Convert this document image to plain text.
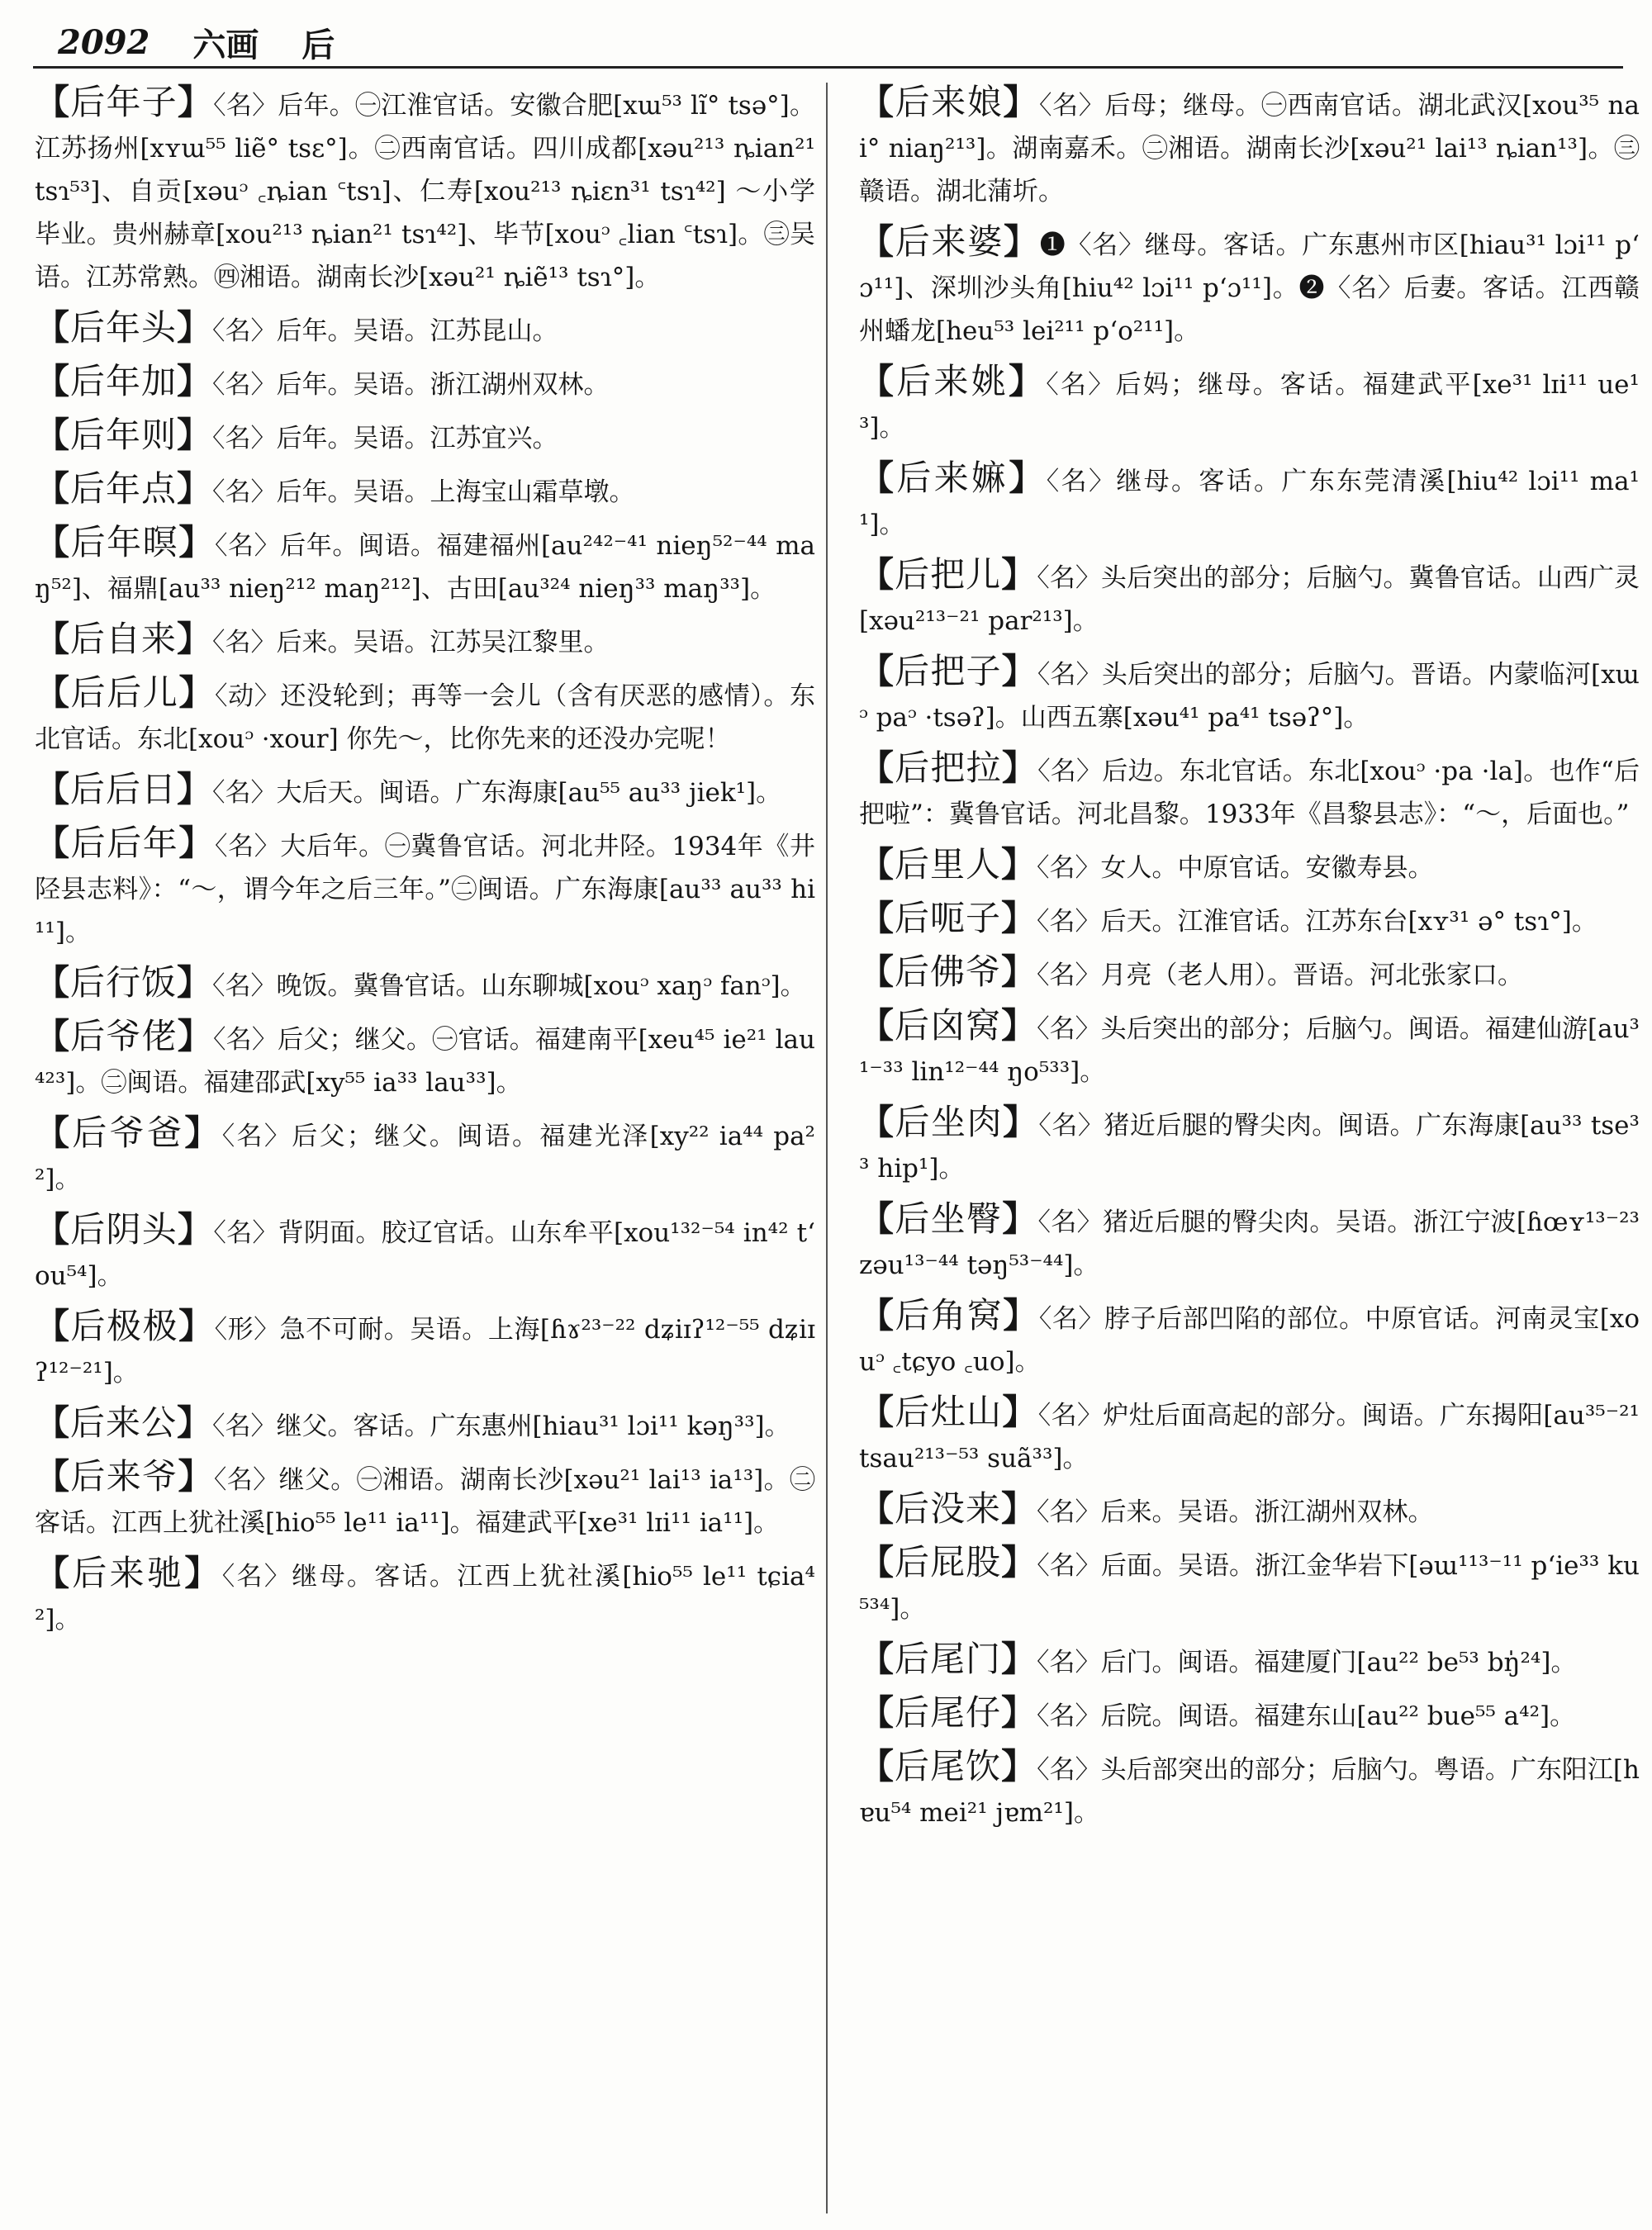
2092 六画 后
【后年子】〈名〉后年。㊀江淮官话。安徽合肥[xɯ⁵³ lĩ° tsə°]。江苏扬州[xʏɯ⁵⁵ liẽ° tsɛ°]。㊁西南官话。四川成都[xəu²¹³ ȵian²¹ tsɿ⁵³]、自贡[xəuᵓ ꜀ȵian ꜂tsɿ]、仁寿[xou²¹³ ȵiɛn³¹ tsɿ⁴²] ～小学毕业。贵州赫章[xou²¹³ ȵian²¹ tsɿ⁴²]、毕节[xouᵓ ꜀lian ꜂tsɿ]。㊂吴语。江苏常熟。㊃湘语。湖南长沙[xəu²¹ ȵiẽ¹³ tsɿ°]。
【后年头】〈名〉后年。吴语。江苏昆山。
【后年加】〈名〉后年。吴语。浙江湖州双林。
【后年则】〈名〉后年。吴语。江苏宜兴。
【后年点】〈名〉后年。吴语。上海宝山霜草墩。
【后年暝】〈名〉后年。闽语。福建福州[au²⁴²⁻⁴¹ nieŋ⁵²⁻⁴⁴ maŋ⁵²]、福鼎[au³³ nieŋ²¹² maŋ²¹²]、古田[au³²⁴ nieŋ³³ maŋ³³]。
【后自来】〈名〉后来。吴语。江苏吴江黎里。
【后后儿】〈动〉还没轮到；再等一会儿（含有厌恶的感情）。东北官话。东北[xouᵓ ·xour] 你先～，比你先来的还没办完呢！
【后后日】〈名〉大后天。闽语。广东海康[au⁵⁵ au³³ jiek¹]。
【后后年】〈名〉大后年。㊀冀鲁官话。河北井陉。1934年《井陉县志料》：“～，谓今年之后三年。”㊁闽语。广东海康[au³³ au³³ hi¹¹]。
【后行饭】〈名〉晚饭。冀鲁官话。山东聊城[xouᵓ xaŋᵓ fanᵓ]。
【后爷佬】〈名〉后父；继父。㊀官话。福建南平[xeu⁴⁵ ie²¹ lau⁴²³]。㊁闽语。福建邵武[xy⁵⁵ ia³³ lau³³]。
【后爷爸】〈名〉后父；继父。闽语。福建光泽[xy²² ia⁴⁴ pa²²]。
【后阴头】〈名〉背阴面。胶辽官话。山东牟平[xou¹³²⁻⁵⁴ in⁴² tʻou⁵⁴]。
【后极极】〈形〉急不可耐。吴语。上海[ɦɤ²³⁻²² dʑiɪʔ¹²⁻⁵⁵ dʑiɪʔ¹²⁻²¹]。
【后来公】〈名〉继父。客话。广东惠州[hiau³¹ lɔi¹¹ kəŋ³³]。
【后来爷】〈名〉继父。㊀湘语。湖南长沙[xəu²¹ lai¹³ ia¹³]。㊁客话。江西上犹社溪[hio⁵⁵ le¹¹ ia¹¹]。福建武平[xe³¹ lɪi¹¹ ia¹¹]。
【后来驰】〈名〉继母。客话。江西上犹社溪[hio⁵⁵ le¹¹ tɕia⁴²]。
【后来娘】〈名〉后母；继母。㊀西南官话。湖北武汉[xou³⁵ nai° niaŋ²¹³]。湖南嘉禾。㊁湘语。湖南长沙[xəu²¹ lai¹³ ȵian¹³]。㊂赣语。湖北蒲圻。
【后来婆】❶〈名〉继母。客话。广东惠州市区[hiau³¹ lɔi¹¹ pʻɔ¹¹]、深圳沙头角[hiu⁴² lɔi¹¹ pʻɔ¹¹]。❷〈名〉后妻。客话。江西赣州蟠龙[heu⁵³ lei²¹¹ pʻo²¹¹]。
【后来姚】〈名〉后妈；继母。客话。福建武平[xe³¹ lɪi¹¹ ue¹³]。
【后来嫲】〈名〉继母。客话。广东东莞清溪[hiu⁴² lɔi¹¹ ma¹¹]。
【后把儿】〈名〉头后突出的部分；后脑勺。冀鲁官话。山西广灵[xəu²¹³⁻²¹ par²¹³]。
【后把子】〈名〉头后突出的部分；后脑勺。晋语。内蒙临河[xɯᵓ paᵓ ·tsəʔ]。山西五寨[xəu⁴¹ pa⁴¹ tsəʔ°]。
【后把拉】〈名〉后边。东北官话。东北[xouᵓ ·pa ·la]。也作“后把啦”：冀鲁官话。河北昌黎。1933年《昌黎县志》：“～，后面也。”
【后里人】〈名〉女人。中原官话。安徽寿县。
【后呃子】〈名〉后天。江淮官话。江苏东台[xʏ³¹ ə° tsɿ°]。
【后佛爷】〈名〉月亮（老人用）。晋语。河北张家口。
【后囟窝】〈名〉头后突出的部分；后脑勺。闽语。福建仙游[au³¹⁻³³ lin¹²⁻⁴⁴ ŋo⁵³³]。
【后坐肉】〈名〉猪近后腿的臀尖肉。闽语。广东海康[au³³ tse³³ hip¹]。
【后坐臀】〈名〉猪近后腿的臀尖肉。吴语。浙江宁波[ɦœʏ¹³⁻²³ zəu¹³⁻⁴⁴ təŋ⁵³⁻⁴⁴]。
【后角窝】〈名〉脖子后部凹陷的部位。中原官话。河南灵宝[xouᵓ ꜀tɕyo ꜀uo]。
【后灶山】〈名〉炉灶后面高起的部分。闽语。广东揭阳[au³⁵⁻²¹ tsau²¹³⁻⁵³ suã³³]。
【后没来】〈名〉后来。吴语。浙江湖州双林。
【后屁股】〈名〉后面。吴语。浙江金华岩下[əɯ¹¹³⁻¹¹ pʻie³³ ku⁵³⁴]。
【后尾门】〈名〉后门。闽语。福建厦门[au²² be⁵³ bŋ̍²⁴]。
【后尾仔】〈名〉后院。闽语。福建东山[au²² bue⁵⁵ a⁴²]。
【后尾饮】〈名〉头后部突出的部分；后脑勺。粤语。广东阳江[hɐu⁵⁴ mei²¹ jɐm²¹]。
